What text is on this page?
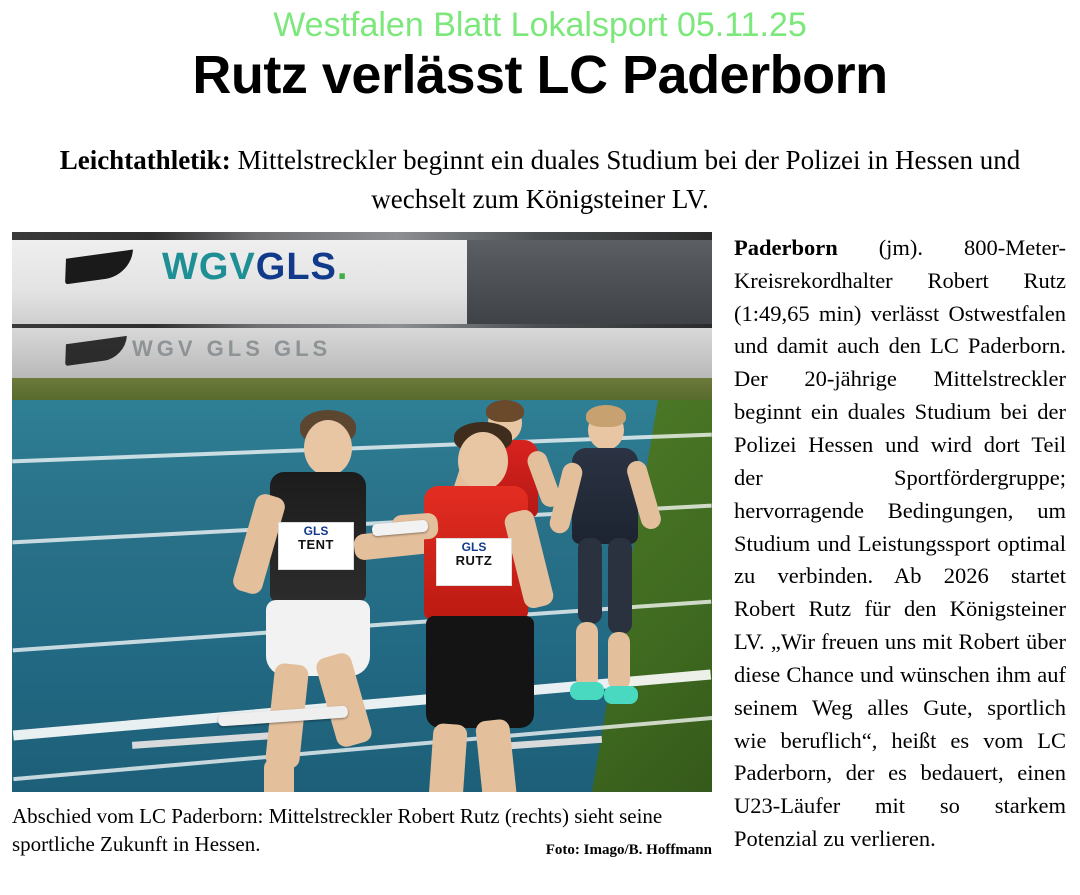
Westfalen Blatt Lokalsport 05.11.25
Rutz verlässt LC Paderborn
Leichtathletik: Mittelstreckler beginnt ein duales Studium bei der Polizei in Hessen und wechselt zum Königsteiner LV.
WGVGLS.
WGV GLS GLS
GLS
TENT	GLS
RUTZ
Abschied vom LC Paderborn: Mittelstreckler Robert Rutz (rechts) sieht seine sportliche Zukunft in Hessen.	Foto: Imago/B. Hoffmann
Paderborn (jm). 800-Meter-Kreisrekordhalter Robert Rutz (1:49,65 min) verlässt Ostwestfalen und damit auch den LC Paderborn. Der 20-jährige Mittelstreckler beginnt ein duales Studium bei der Polizei Hessen und wird dort Teil der Sportfördergruppe; hervorragende Bedingungen, um Studium und Leistungssport optimal zu verbinden. Ab 2026 startet Robert Rutz für den Königsteiner LV. „Wir freuen uns mit Robert über diese Chance und wünschen ihm auf seinem Weg alles Gute, sportlich wie beruflich“, heißt es vom LC Paderborn, der es bedauert, einen U23-Läufer mit so starkem Potenzial zu verlieren.
